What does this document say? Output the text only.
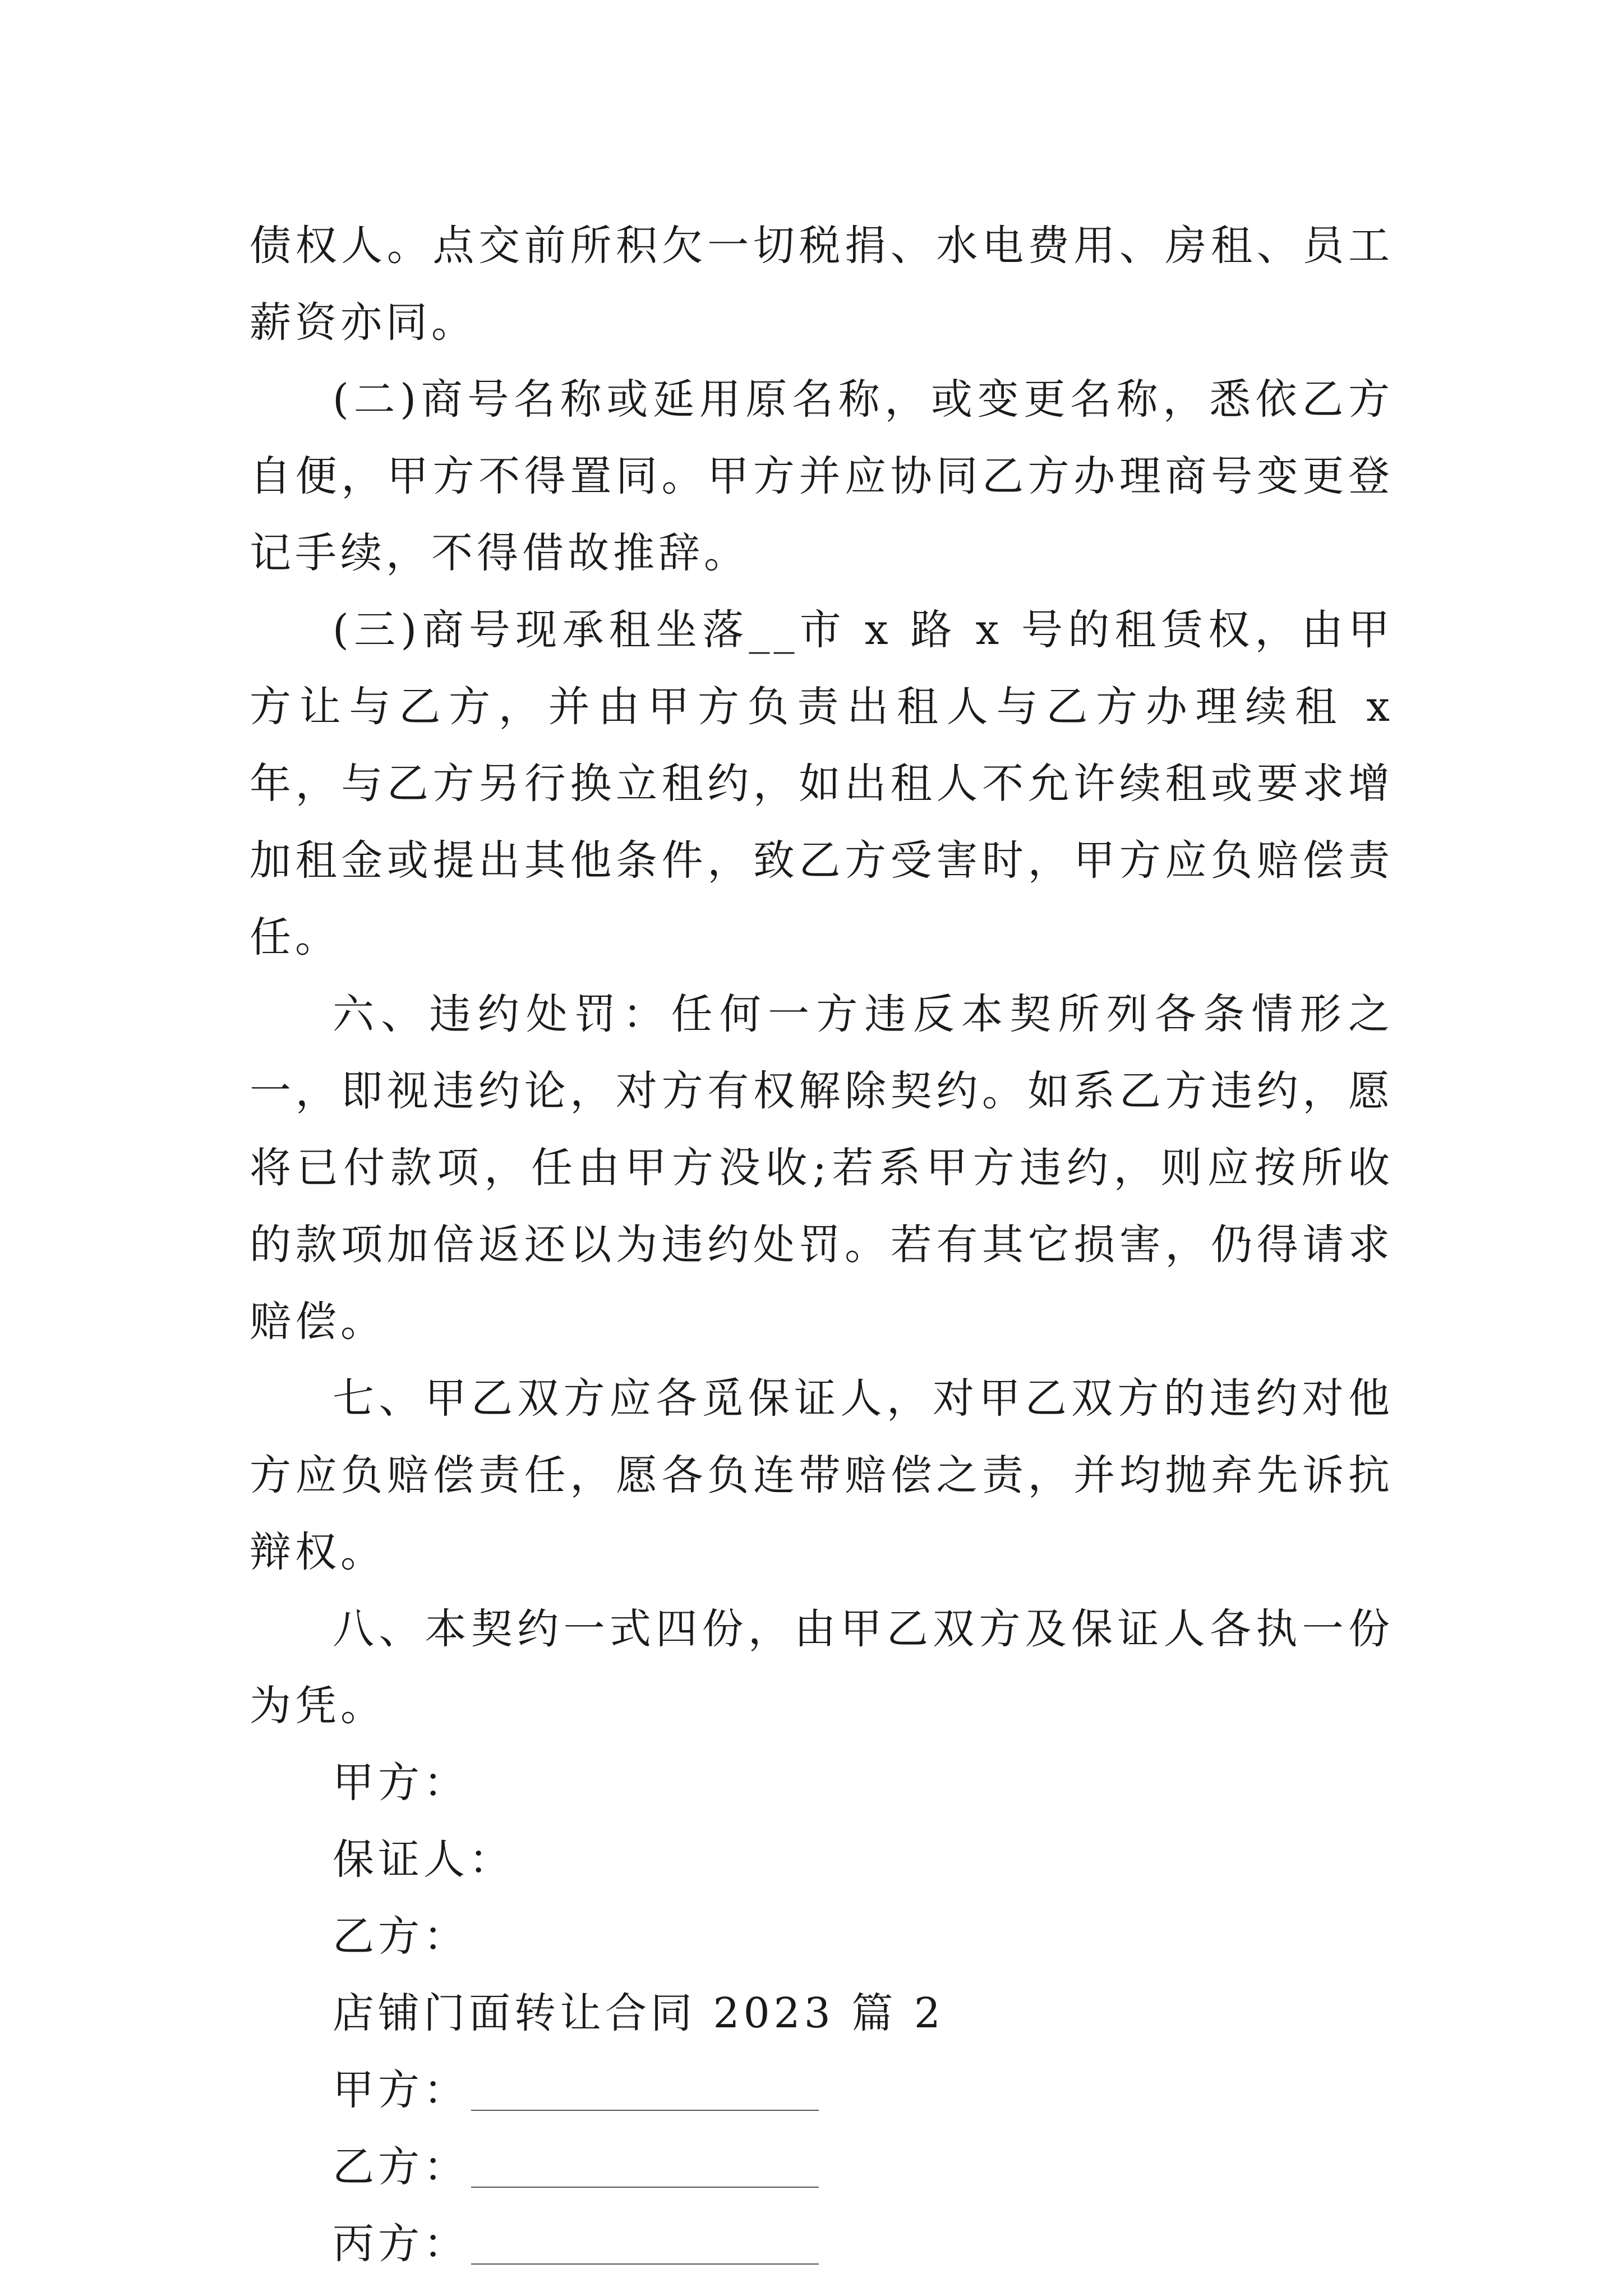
债权人。点交前所积欠一切税捐、水电费用、房租、员工薪资亦同。

(二)商号名称或延用原名称，或变更名称，悉依乙方自便，甲方不得置同。甲方并应协同乙方办理商号变更登记手续，不得借故推辞。

(三)商号现承租坐落__市 x 路 x 号的租赁权，由甲方让与乙方，并由甲方负责出租人与乙方办理续租 x 年，与乙方另行换立租约，如出租人不允许续租或要求增加租金或提出其他条件，致乙方受害时，甲方应负赔偿责任。

六、违约处罚：任何一方违反本契所列各条情形之一，即视违约论，对方有权解除契约。如系乙方违约，愿将已付款项，任由甲方没收;若系甲方违约，则应按所收的款项加倍返还以为违约处罚。若有其它损害，仍得请求赔偿。

七、甲乙双方应各觅保证人，对甲乙双方的违约对他方应负赔偿责任，愿各负连带赔偿之责，并均抛弃先诉抗辩权。

八、本契约一式四份，由甲乙双方及保证人各执一份为凭。

甲方：

保证人：

乙方：

店铺门面转让合同 2023 篇 2

甲方：
乙方：
丙方：
